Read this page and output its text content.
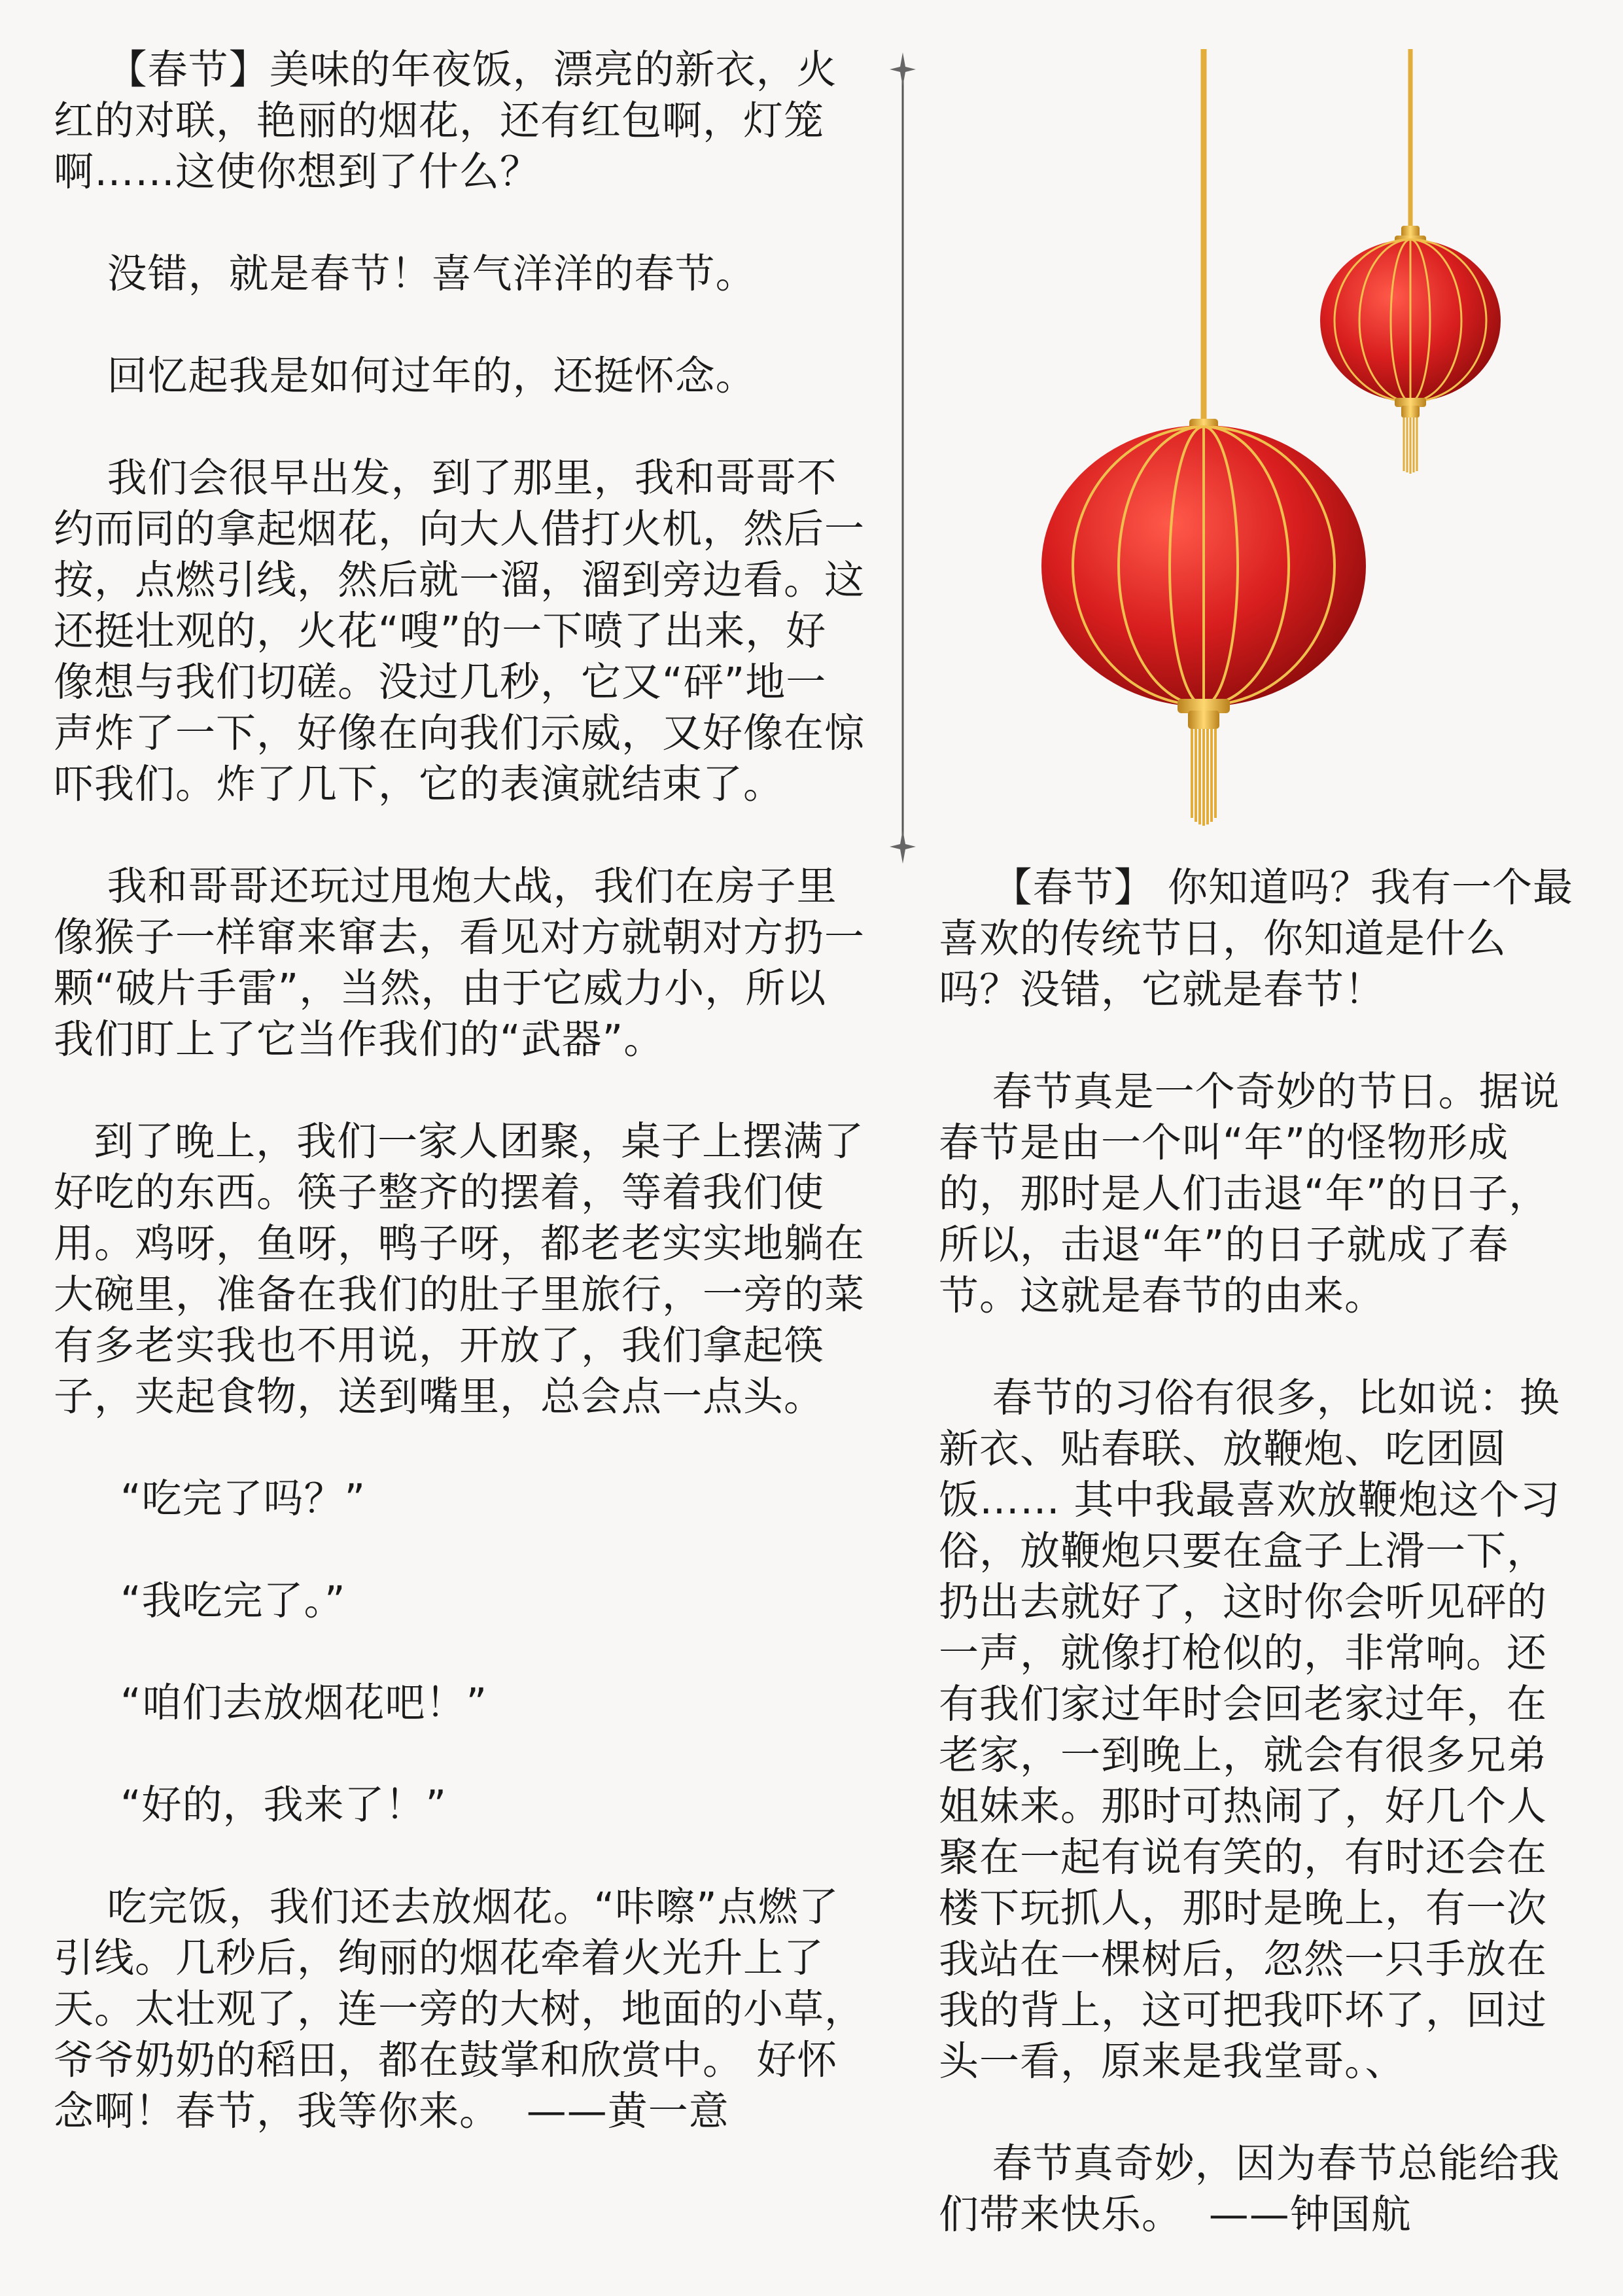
【春节】美味的年夜饭，漂亮的新衣，火红的对联，艳丽的烟花，还有红包啊，灯笼啊……这使你想到了什么？

没错，就是春节！喜气洋洋的春节。

回忆起我是如何过年的，还挺怀念。

我们会很早出发，到了那里，我和哥哥不约而同的拿起烟花，向大人借打火机，然后一按，点燃引线，然后就一溜，溜到旁边看。这还挺壮观的，火花“嗖”的一下喷了出来，好像想与我们切磋。没过几秒，它又“砰”地一声炸了一下，好像在向我们示威，又好像在惊吓我们。炸了几下，它的表演就结束了。

我和哥哥还玩过甩炮大战，我们在房子里像猴子一样窜来窜去，看见对方就朝对方扔一颗“破片手雷”，当然，由于它威力小，所以我们盯上了它当作我们的“武器”。

到了晚上，我们一家人团聚，桌子上摆满了好吃的东西。筷子整齐的摆着，等着我们使用。鸡呀，鱼呀，鸭子呀，都老老实实地躺在大碗里，准备在我们的肚子里旅行，一旁的菜有多老实我也不用说，开放了，我们拿起筷子，夹起食物，送到嘴里，总会点一点头。

“吃完了吗？”

“我吃完了。”

“咱们去放烟花吧！”

“好的，我来了！”

吃完饭，我们还去放烟花。“咔嚓”点燃了引线。几秒后，绚丽的烟花牵着火光升上了天。太壮观了，连一旁的大树，地面的小草，爷爷奶奶的稻田，都在鼓掌和欣赏中。 好怀念啊！春节，我等你来。  ——黄一意

【春节】 你知道吗？我有一个最喜欢的传统节日，你知道是什么吗？没错，它就是春节！

春节真是一个奇妙的节日。据说春节是由一个叫“年”的怪物形成的，那时是人们击退“年”的日子，所以，击退“年”的日子就成了春节。这就是春节的由来。

春节的习俗有很多，比如说：换新衣、贴春联、放鞭炮、吃团圆饭…… 其中我最喜欢放鞭炮这个习俗，放鞭炮只要在盒子上滑一下，扔出去就好了，这时你会听见砰的一声，就像打枪似的，非常响。还有我们家过年时会回老家过年，在老家，一到晚上，就会有很多兄弟姐妹来。那时可热闹了，好几个人聚在一起有说有笑的，有时还会在楼下玩抓人，那时是晚上，有一次我站在一棵树后，忽然一只手放在我的背上，这可把我吓坏了，回过头一看，原来是我堂哥。、

春节真奇妙，因为春节总能给我们带来快乐。  ——钟国航
